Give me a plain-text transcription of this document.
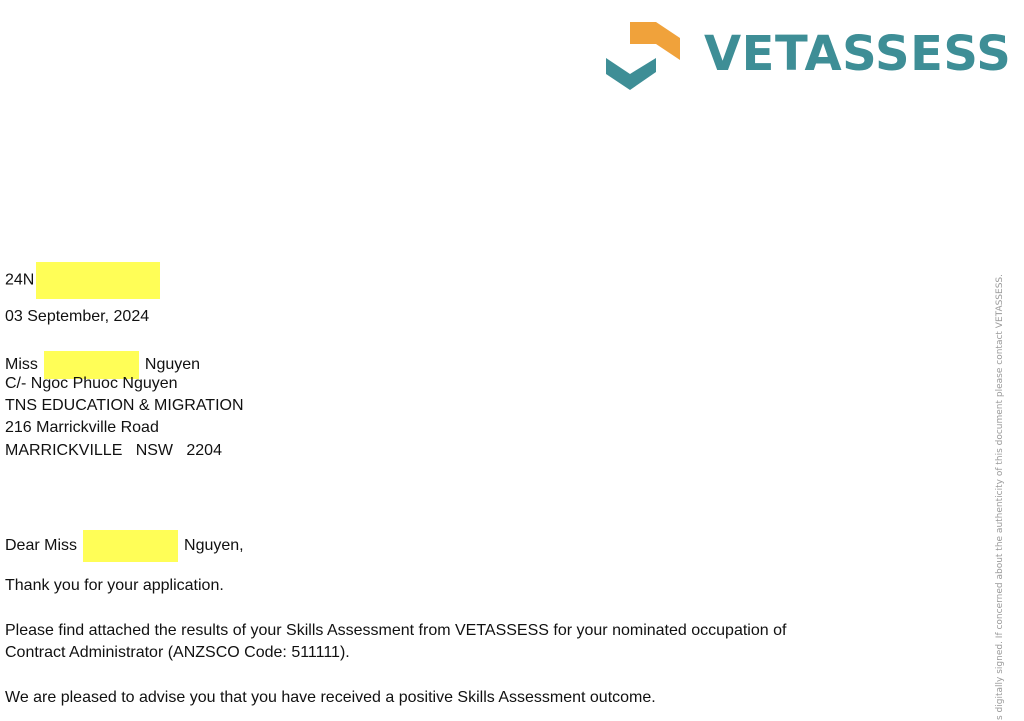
VETASSESS
24N
03 September, 2024
Miss	Nguyen
C/- Ngoc Phuoc Nguyen
TNS EDUCATION & MIGRATION
216 Marrickville Road
MARRICKVILLE   NSW   2204
Dear Miss	Nguyen,
Thank you for your application.
Please find attached the results of your Skills Assessment from VETASSESS for your nominated occupation of
Contract Administrator (ANZSCO Code: 511111).
We are pleased to advise you that you have received a positive Skills Assessment outcome.	s digitally signed. If concerned about the authenticity of this document please contact VETASSESS.
